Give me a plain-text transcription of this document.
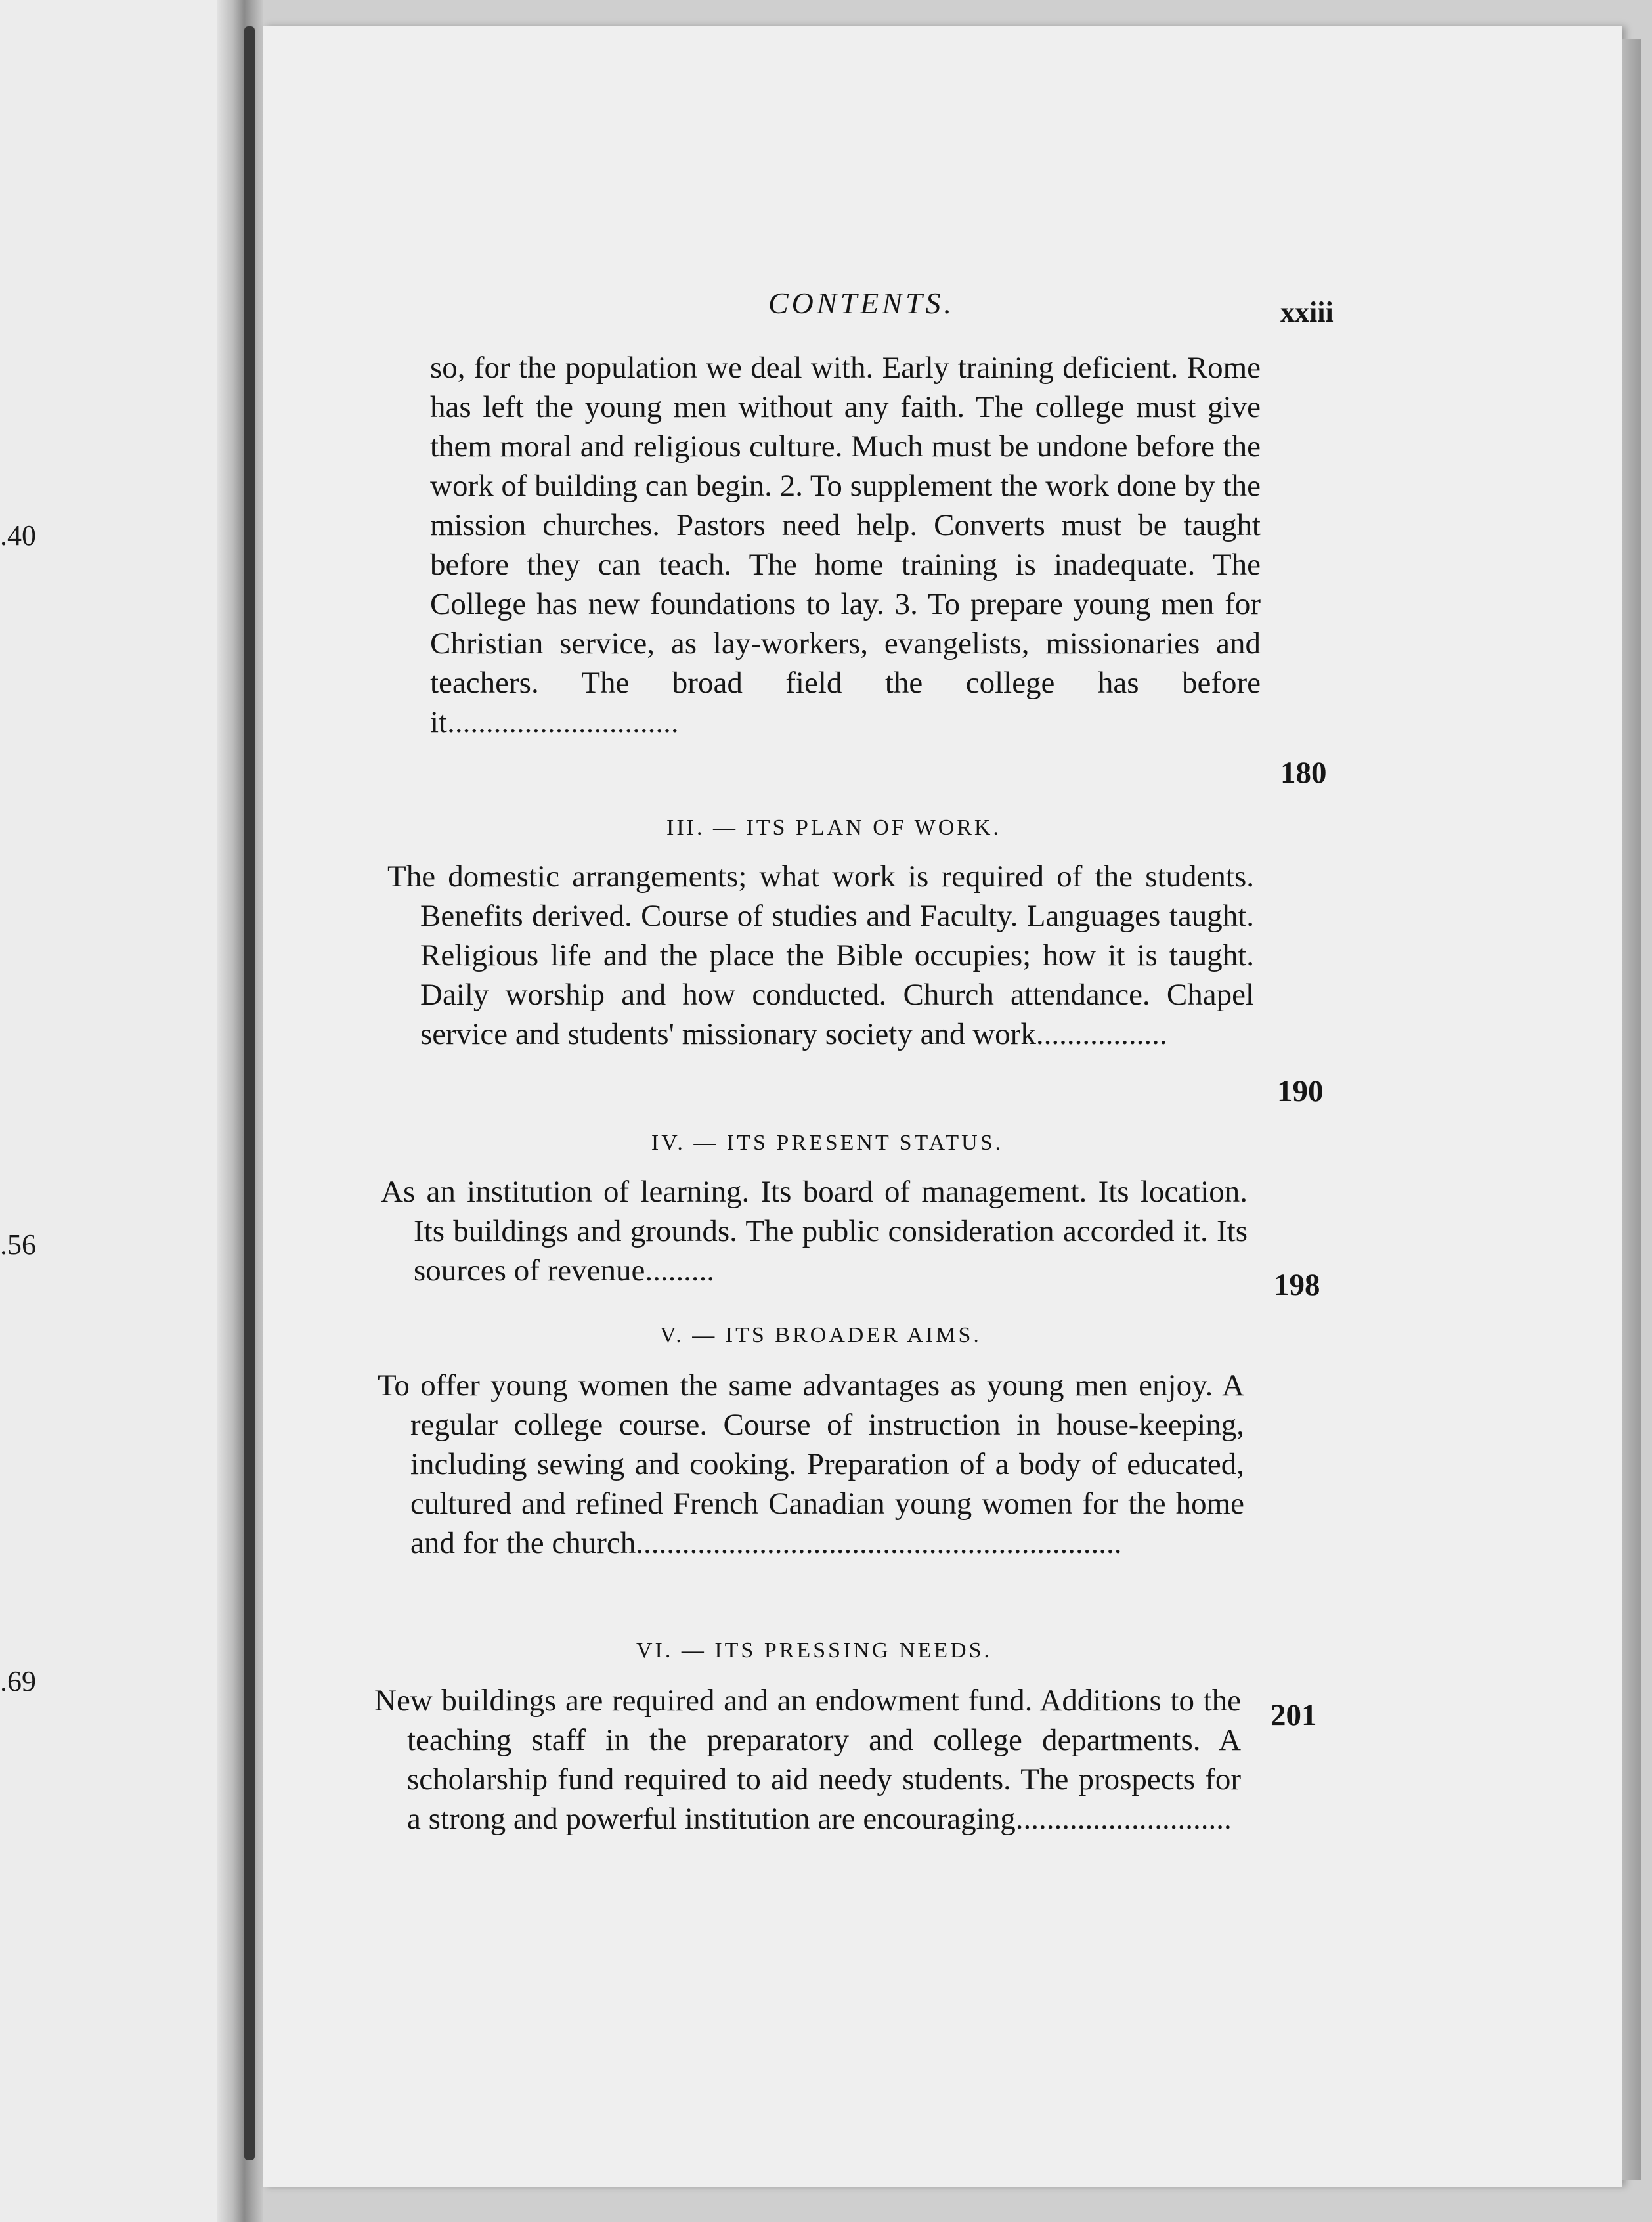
.40
.56
.69
CONTENTS.	xxiii

so, for the population we deal with. Early training deficient. Rome has left the young men without any faith. The college must give them moral and religious culture. Much must be undone before the work of building can begin. 2. To supplement the work done by the mission churches. Pastors need help. Converts must be taught before they can teach. The home training is inadequate. The College has new foundations to lay. 3. To prepare young men for Christian service, as lay-workers, evangelists, missionaries and teachers. The broad field the college has before it..............................

180
III. — ITS PLAN OF WORK.

The domestic arrangements; what work is required of the students. Benefits derived. Course of studies and Faculty. Languages taught. Religious life and the place the Bible occupies; how it is taught. Daily worship and how conducted. Church attendance. Chapel service and students' missionary society and work.................

190
IV. — ITS PRESENT STATUS.

As an institution of learning. Its board of management. Its location. Its buildings and grounds. The public consideration accorded it. Its sources of revenue.........	198
V. — ITS BROADER AIMS.

To offer young women the same advantages as young men enjoy. A regular college course. Course of instruction in house-keeping, including sewing and cooking. Preparation of a body of educated, cultured and refined French Canadian young women for the home and for the church...............................................................

VI. — ITS PRESSING NEEDS.

New buildings are required and an endowment fund. Additions to the teaching staff in the preparatory and college departments. A scholarship fund required to aid needy students. The prospects for a strong and powerful institution are encouraging............................

201
